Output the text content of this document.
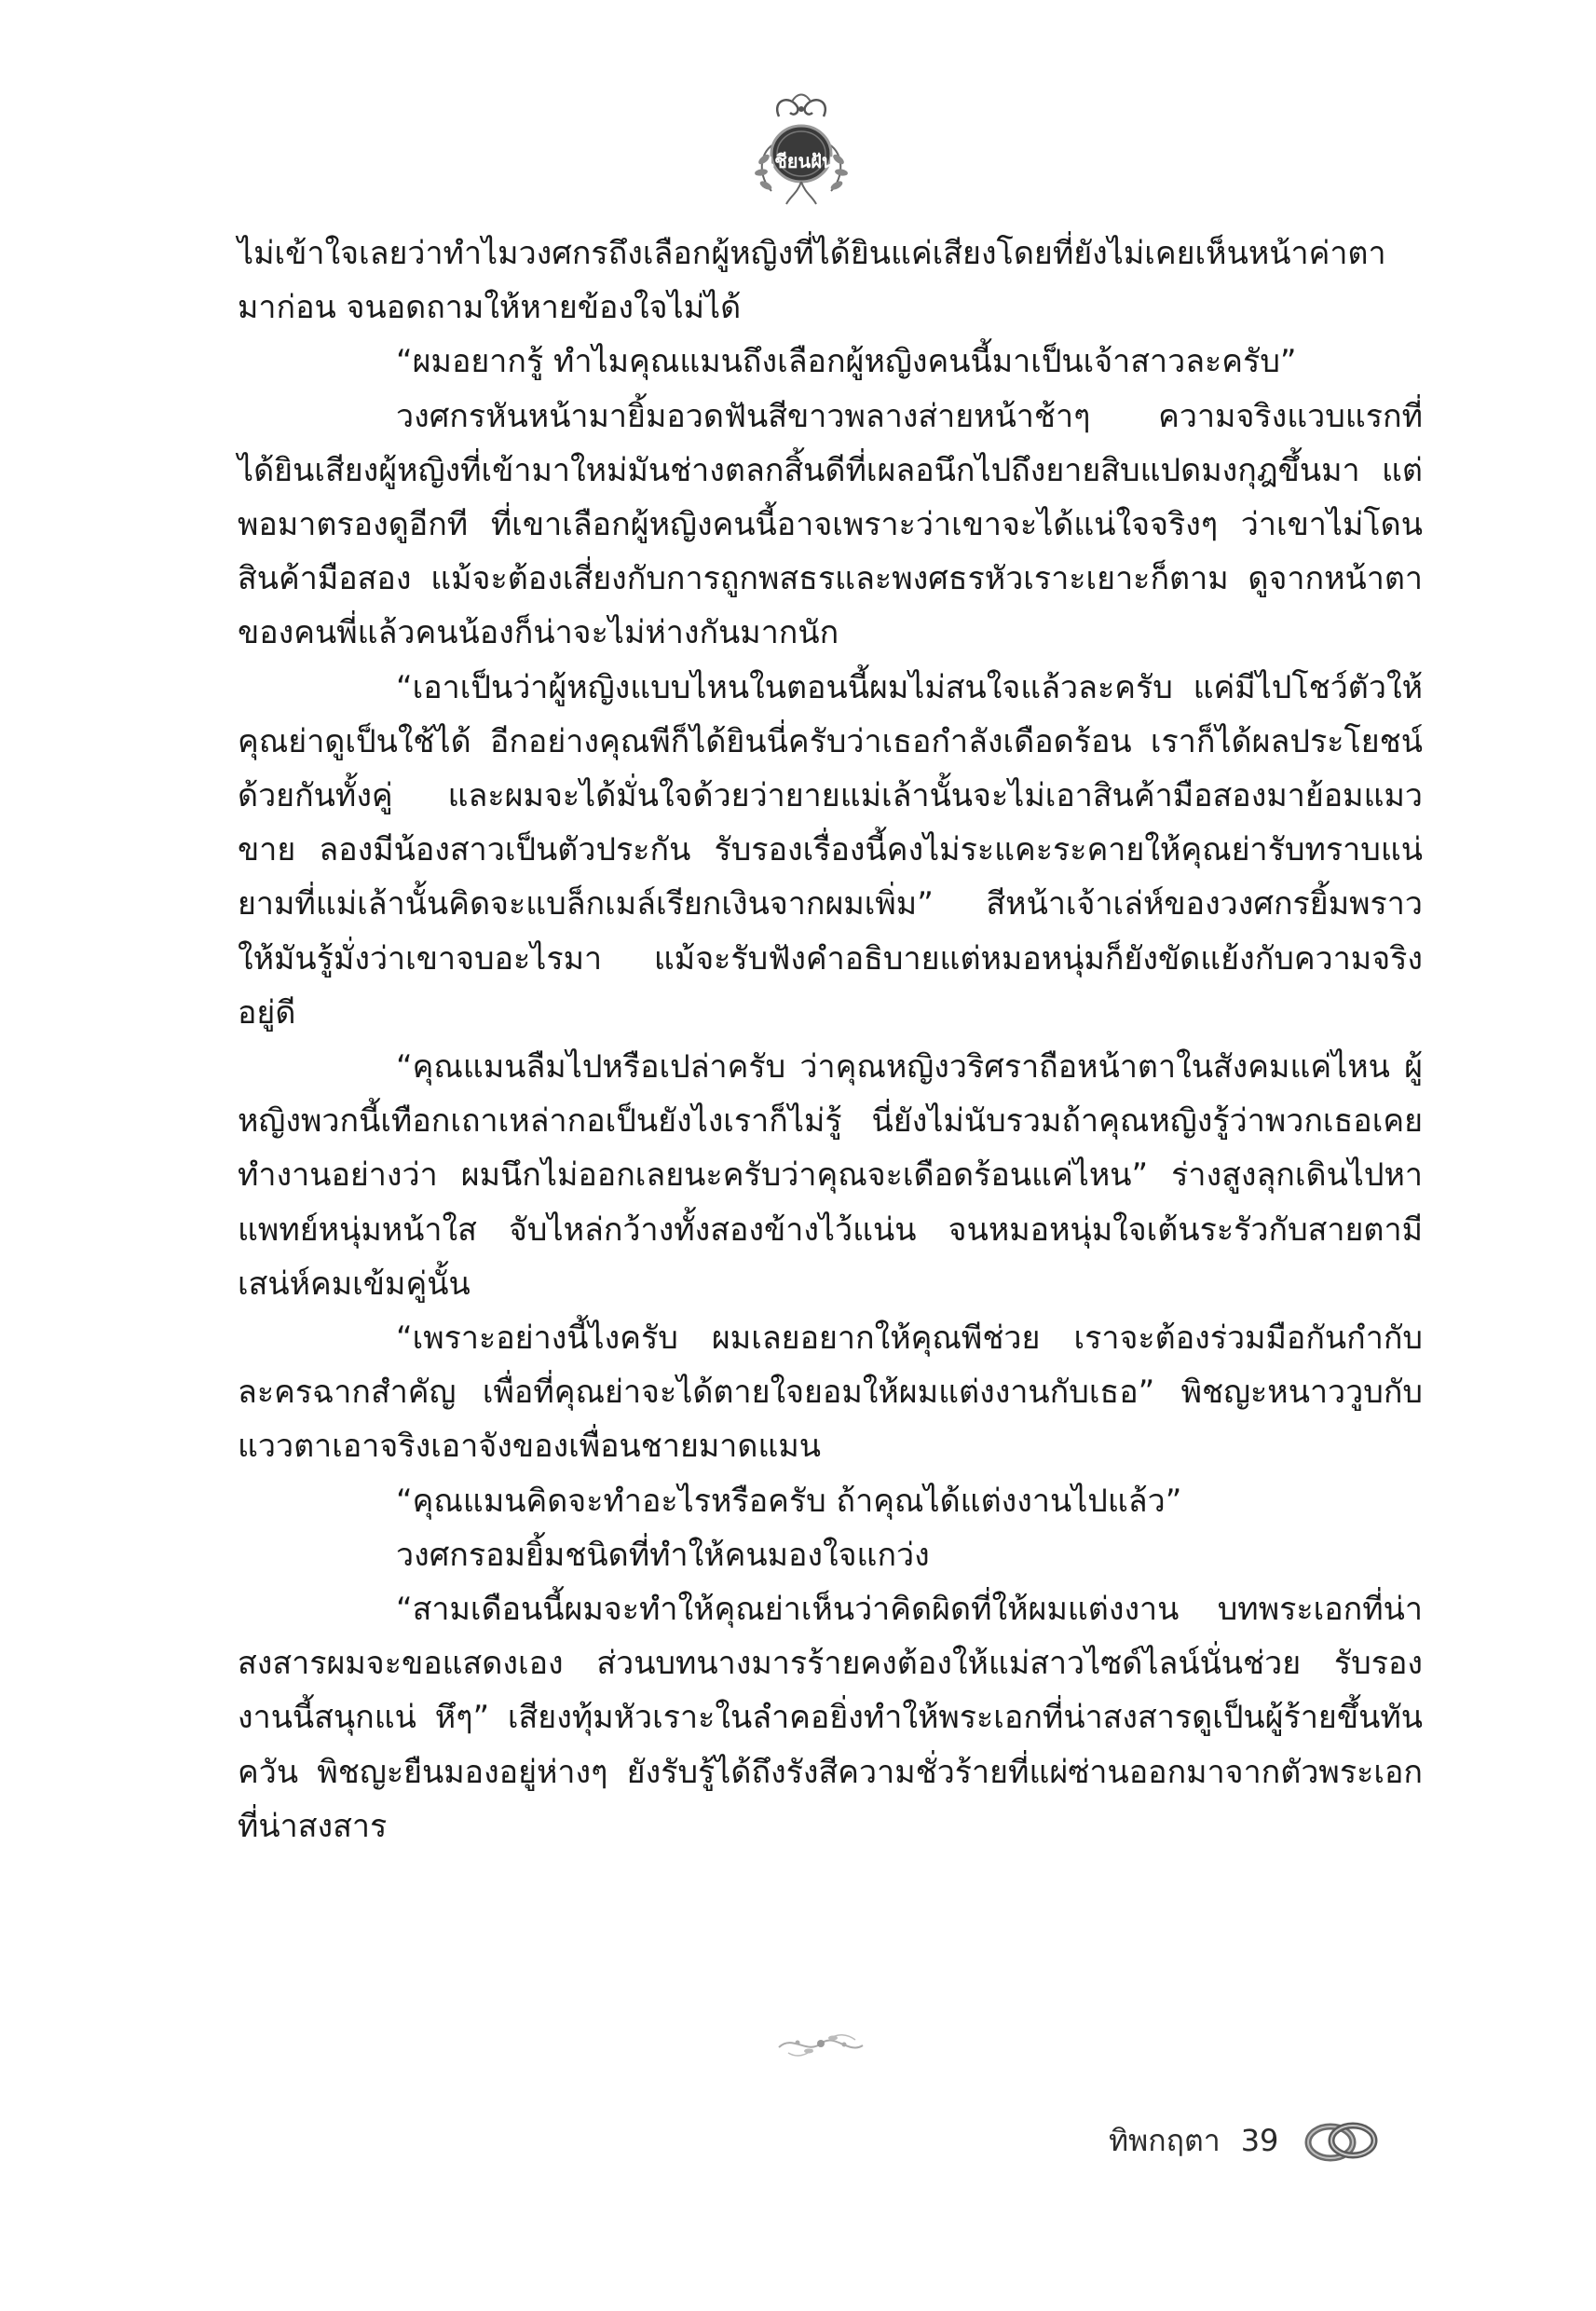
เชียนฝัน

ไม่เข้าใจเลยว่าทำไมวงศกรถึงเลือกผู้หญิงที่ได้ยินแค่เสียงโดยที่ยังไม่เคยเห็นหน้าค่าตามาก่อน จนอดถามให้หายข้องใจไม่ได้

“ผมอยากรู้ ทำไมคุณแมนถึงเลือกผู้หญิงคนนี้มาเป็นเจ้าสาวละครับ”

วงศกรหันหน้ามายิ้มอวดฟันสีขาวพลางส่ายหน้าช้าๆ ความจริงแวบแรกที่ได้ยินเสียงผู้หญิงที่เข้ามาใหม่มันช่างตลกสิ้นดีที่เผลอนึกไปถึงยายสิบแปดมงกุฎขึ้นมา แต่พอมาตรองดูอีกที ที่เขาเลือกผู้หญิงคนนี้อาจเพราะว่าเขาจะได้แน่ใจจริงๆ ว่าเขาไม่โดนสินค้ามือสอง แม้จะต้องเสี่ยงกับการถูกพสธรและพงศธรหัวเราะเยาะก็ตาม ดูจากหน้าตาของคนพี่แล้วคนน้องก็น่าจะไม่ห่างกันมากนัก

“เอาเป็นว่าผู้หญิงแบบไหนในตอนนี้ผมไม่สนใจแล้วละครับ แค่มีไปโชว์ตัวให้คุณย่าดูเป็นใช้ได้ อีกอย่างคุณพีก็ได้ยินนี่ครับว่าเธอกำลังเดือดร้อน เราก็ได้ผลประโยชน์ด้วยกันทั้งคู่ และผมจะได้มั่นใจด้วยว่ายายแม่เล้านั้นจะไม่เอาสินค้ามือสองมาย้อมแมวขาย ลองมีน้องสาวเป็นตัวประกัน รับรองเรื่องนี้คงไม่ระแคะระคายให้คุณย่ารับทราบแน่ ยามที่แม่เล้านั้นคิดจะแบล็กเมล์เรียกเงินจากผมเพิ่ม” สีหน้าเจ้าเล่ห์ของวงศกรยิ้มพราว ให้มันรู้มั่งว่าเขาจบอะไรมา แม้จะรับฟังคำอธิบายแต่หมอหนุ่มก็ยังขัดแย้งกับความจริงอยู่ดี

“คุณแมนลืมไปหรือเปล่าครับ ว่าคุณหญิงวริศราถือหน้าตาในสังคมแค่ไหน ผู้หญิงพวกนี้เทือกเถาเหล่ากอเป็นยังไงเราก็ไม่รู้ นี่ยังไม่นับรวมถ้าคุณหญิงรู้ว่าพวกเธอเคยทำงานอย่างว่า ผมนึกไม่ออกเลยนะครับว่าคุณจะเดือดร้อนแค่ไหน” ร่างสูงลุกเดินไปหาแพทย์หนุ่มหน้าใส จับไหล่กว้างทั้งสองข้างไว้แน่น จนหมอหนุ่มใจเต้นระรัวกับสายตามีเสน่ห์คมเข้มคู่นั้น

“เพราะอย่างนี้ไงครับ ผมเลยอยากให้คุณพีช่วย เราจะต้องร่วมมือกันกำกับละครฉากสำคัญ เพื่อที่คุณย่าจะได้ตายใจยอมให้ผมแต่งงานกับเธอ” พิชญะหนาววูบกับแววตาเอาจริงเอาจังของเพื่อนชายมาดแมน

“คุณแมนคิดจะทำอะไรหรือครับ ถ้าคุณได้แต่งงานไปแล้ว”

วงศกรอมยิ้มชนิดที่ทำให้คนมองใจแกว่ง

“สามเดือนนี้ผมจะทำให้คุณย่าเห็นว่าคิดผิดที่ให้ผมแต่งงาน บทพระเอกที่น่าสงสารผมจะขอแสดงเอง ส่วนบทนางมารร้ายคงต้องให้แม่สาวไซด์ไลน์นั่นช่วย รับรองงานนี้สนุกแน่ หึๆ” เสียงทุ้มหัวเราะในลำคอยิ่งทำให้พระเอกที่น่าสงสารดูเป็นผู้ร้ายขึ้นทันควัน พิชญะยืนมองอยู่ห่างๆ ยังรับรู้ได้ถึงรังสีความชั่วร้ายที่แผ่ซ่านออกมาจากตัวพระเอกที่น่าสงสาร

ทิพกฤตา 39
